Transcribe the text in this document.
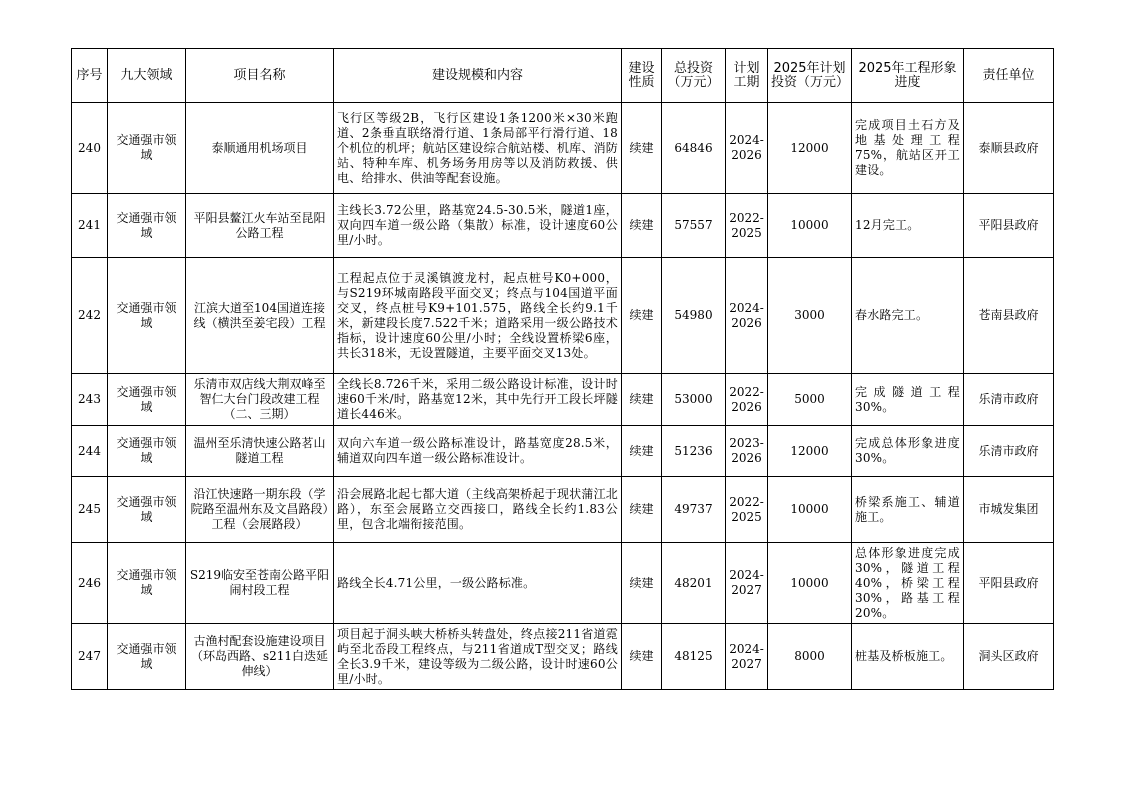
序号	九大领域	项目名称	建设规模和内容	建设性质	总投资（万元）	计划工期	2025年计划投资（万元）	2025年工程形象进度	责任单位
240	交通强市领域	泰顺通用机场项目	飞行区等级2B，飞行区建设1条1200米×30米跑道、2条垂直联络滑行道、1条局部平行滑行道、18个机位的机坪；航站区建设综合航站楼、机库、消防站、特种车库、机务场务用房等以及消防救援、供电、给排水、供油等配套设施。	续建	64846	2024-2026	12000	完成项目土石方及地基处理工程75%，航站区开工建设。	泰顺县政府
241	交通强市领域	平阳县鳌江火车站至昆阳公路工程	主线长3.72公里，路基宽24.5-30.5米，隧道1座，双向四车道一级公路（集散）标准，设计速度60公里/小时。	续建	57557	2022-2025	10000	12月完工。	平阳县政府
242	交通强市领域	江滨大道至104国道连接线（横洪至姜宅段）工程	工程起点位于灵溪镇渡龙村，起点桩号K0+000，与S219环城南路段平面交叉；终点与104国道平面交叉，终点桩号K9+101.575，路线全长约9.1千米，新建段长度7.522千米；道路采用一级公路技术指标，设计速度60公里/小时；全线设置桥梁6座，共长318米，无设置隧道，主要平面交叉13处。	续建	54980	2024-2026	3000	春水路完工。	苍南县政府
243	交通强市领域	乐清市双店线大荆双峰至智仁大台门段改建工程（二、三期）	全线长8.726千米，采用二级公路设计标准，设计时速60千米/时，路基宽12米，其中先行开工段长坪隧道长446米。	续建	53000	2022-2026	5000	完成隧道工程30%。	乐清市政府
244	交通强市领域	温州至乐清快速公路茗山隧道工程	双向六车道一级公路标准设计，路基宽度28.5米，辅道双向四车道一级公路标准设计。	续建	51236	2023-2026	12000	完成总体形象进度30%。	乐清市政府
245	交通强市领域	沿江快速路一期东段（学院路至温州东及文昌路段）工程（会展路段）	沿会展路北起七都大道（主线高架桥起于现状蒲江北路），东至会展路立交西接口，路线全长约1.83公里，包含北端衔接范围。	续建	49737	2022-2025	10000	桥梁系施工、辅道施工。	市城发集团
246	交通强市领域	S219临安至苍南公路平阳闹村段工程	路线全长4.71公里，一级公路标准。	续建	48201	2024-2027	10000	总体形象进度完成30%，隧道工程40%，桥梁工程30%，路基工程20%。	平阳县政府
247	交通强市领域	古渔村配套设施建设项目（环岛西路、s211白迭延伸线）	项目起于洞头峡大桥桥头转盘处，终点接211省道霓屿至北岙段工程终点，与211省道成T型交叉；路线全长3.9千米，建设等级为二级公路，设计时速60公里/小时。	续建	48125	2024-2027	8000	桩基及桥板施工。	洞头区政府
